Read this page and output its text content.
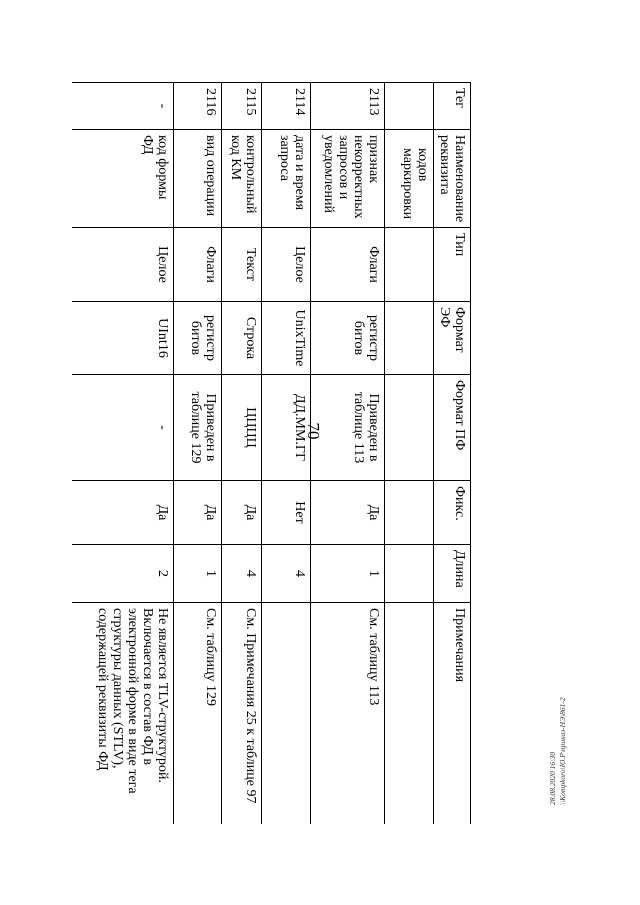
70
Тег	Наименование реквизита	Тип	Формат ЭФ	Формат ПФ	Фикс.	Длина	Примечания
	кодов маркировки						
2113	признак некорректных запросов и уведомлений	Флаги	регистр битов	Приведен в таблице 113	Да	1	См. таблицу 113
2114	дата и время запроса	Целое	UnixTime	ДД.ММ.ГГ	Нет	4	
2115	контрольный код КМ	Текст	Строка	ЦЦЦЦ	Да	4	См. Примечания 25 к таблице 97
2116	вид операции	Флаги	регистр битов	Приведен в таблице 129	Да	1	См. таблицу 129
-	код формы ФД	Целое	UInt16	-	Да	2	Не является TLV-структурой. Включается в состав ФД в электронной форме в виде тега структуры данных (STLV), содержащей реквизиты ФД
28.08.2020 16:30 \\Kompkoro\Ю.Р\приказ-НЭ\861-2
